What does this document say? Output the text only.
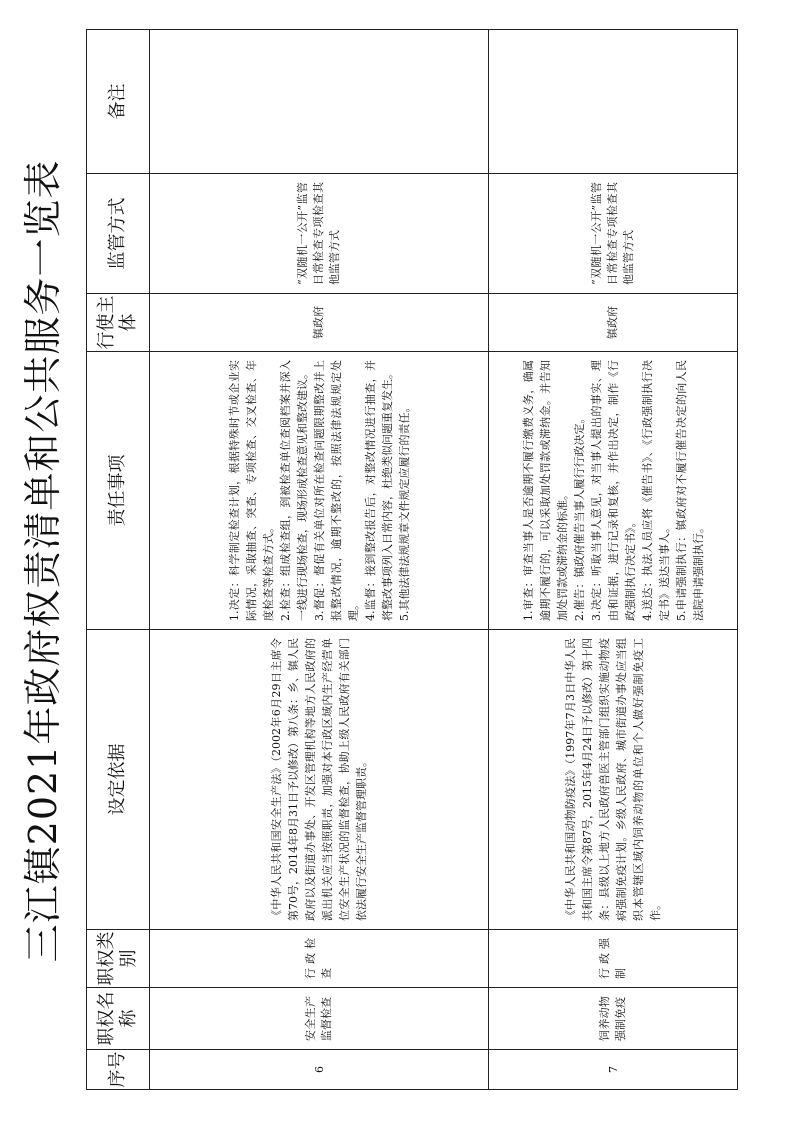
三江镇2021年政府权责清单和公共服务一览表
序号	职权名称	职权类别	设定依据	责任事项	行使主体	监管方式	备注
6	安全生产监督检查	行政检查	《中华人民共和国安全生产法》（2002年6月29日主席令第70号，2014年8月31日予以修改）第八条：乡、镇人民政府以及街道办事处、开发区管理机构等地方人民政府的派出机关应当按照职责，加强对本行政区域内生产经营单位安全生产状况的监督检查，协助上级人民政府有关部门依法履行安全生产监督管理职责。	1.决定：科学制定检查计划，根据特殊时节或企业实际情况，采取抽查、突查、专项检查、交叉检查、年度检查等检查方式。 2.检查：组成检查组，到被检查单位查阅档案并深入一线进行现场检查，现场形成检查意见和整改建议。 3.督促：督促有关单位对所在检查问题限期整改并上报整改情况，逾期不整改的，按照法律法规规定处理。 4.监督：接到整改报告后，对整改情况进行抽查，并将整改事项列入日常内容，杜绝类似问题重复发生。 5.其他法律法规规章文件规定应履行的责任。	镇政府	“双随机一公开”监管日常检查专项检查其他监管方式	
7	饲养动物强制免疫	行政强制	《中华人民共和国动物防疫法》（1997年7月3日中华人民共和国主席令第87号，2015年4月24日予以修改）第十四条：县级以上地方人民政府兽医主管部门组织实施动物疫病强制免疫计划。乡级人民政府、城市街道办事处应当组织本管辖区域内饲养动物的单位和个人做好强制免疫工作。	1.审查：审查当事人是否逾期不履行缴费义务，确属逾期不履行的，可以采取加处罚款或滞纳金。并告知加处罚款或滞纳金的标准。 2.催告：镇政府催告当事人履行行政决定。 3.决定：听取当事人意见，对当事人提出的事实、理由和证据，进行记录和复核，并作出决定，制作《行政强制执行决定书》。 4.送达：执法人员应将《催告书》、《行政强制执行决定书》送达当事人。 5.申请强制执行：镇政府对不履行催告决定的向人民法院申请强制执行。	镇政府	“双随机一公开”监管日常检查专项检查其他监管方式	
